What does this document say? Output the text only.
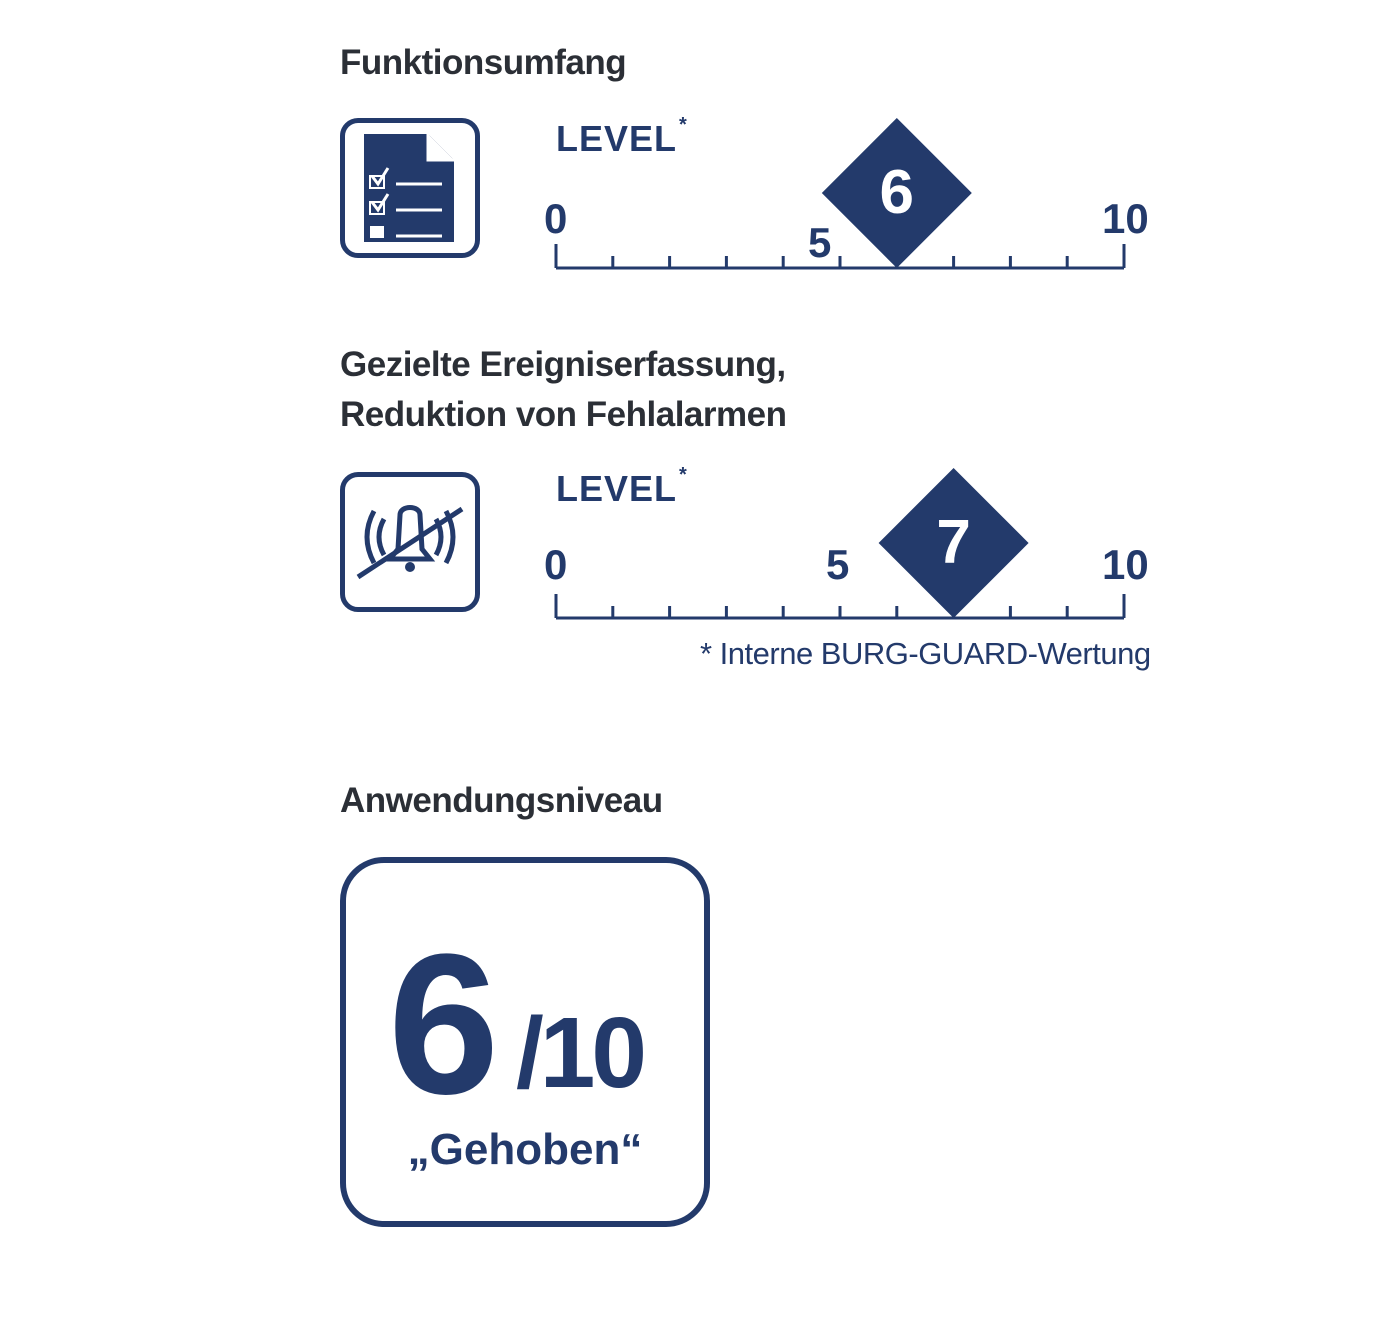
Funktionsumfang
LEVEL *
0
5
10
6
Gezielte Ereigniserfassung,
Reduktion von Fehlalarmen
LEVEL *
0	5	10
7
* Interne BURG-GUARD-Wertung
Anwendungsniveau
6 /10
„Gehoben“
